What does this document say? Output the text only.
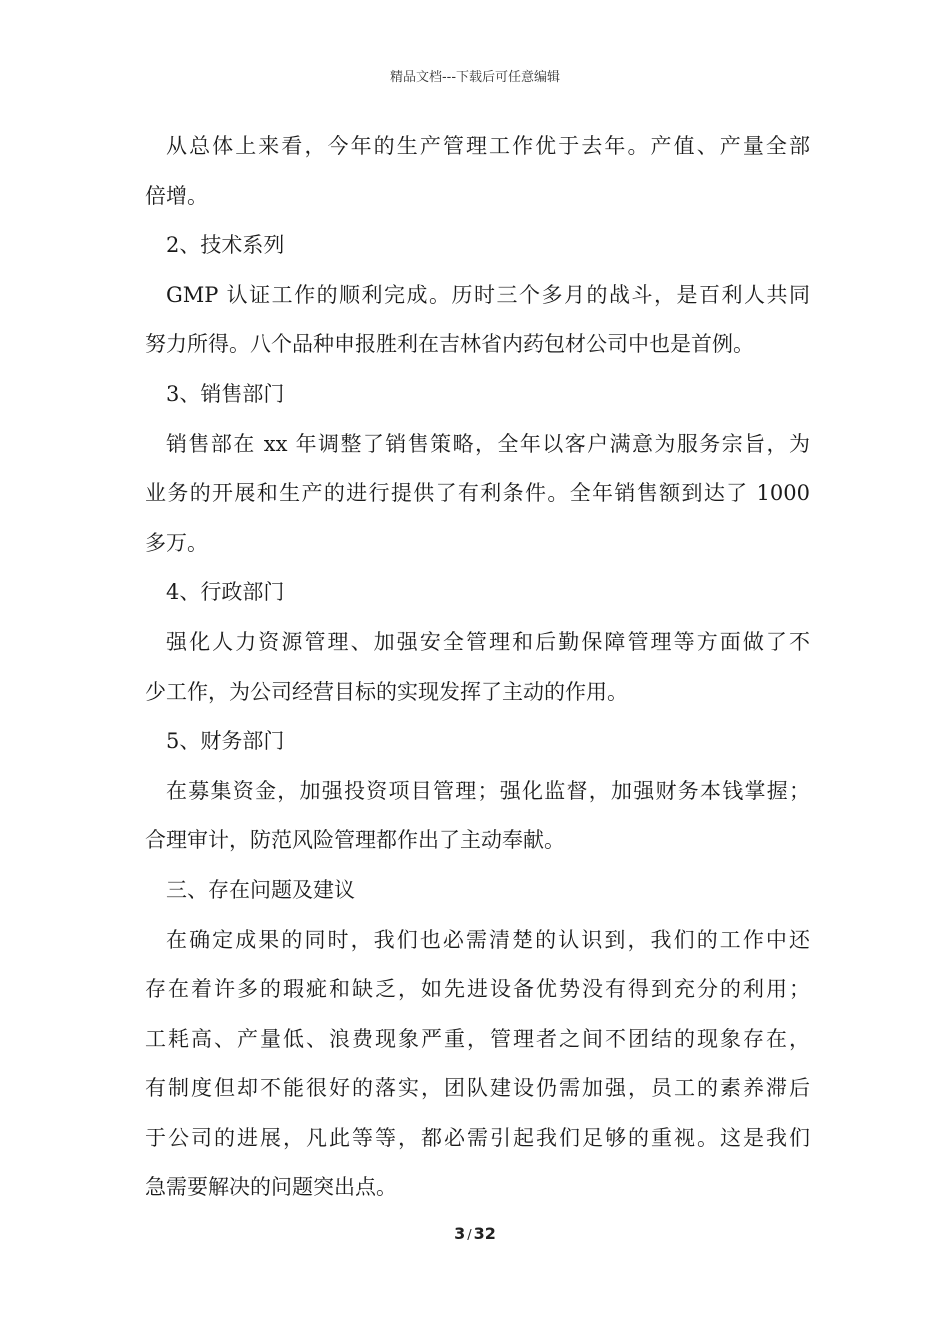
精品文档---下载后可任意编辑
从总体上来看，今年的生产管理工作优于去年。产值、产量全部
倍增。
2、技术系列
GMP 认证工作的顺利完成。历时三个多月的战斗，是百利人共同
努力所得。八个品种申报胜利在吉林省内药包材公司中也是首例。
3、销售部门
销售部在 xx 年调整了销售策略，全年以客户满意为服务宗旨，为
业务的开展和生产的进行提供了有利条件。全年销售额到达了 1000
多万。
4、行政部门
强化人力资源管理、加强安全管理和后勤保障管理等方面做了不
少工作，为公司经营目标的实现发挥了主动的作用。
5、财务部门
在募集资金，加强投资项目管理；强化监督，加强财务本钱掌握；
合理审计，防范风险管理都作出了主动奉献。
三、存在问题及建议
在确定成果的同时，我们也必需清楚的认识到，我们的工作中还
存在着许多的瑕疵和缺乏，如先进设备优势没有得到充分的利用；
工耗高、产量低、浪费现象严重，管理者之间不团结的现象存在，
有制度但却不能很好的落实，团队建设仍需加强，员工的素养滞后
于公司的进展，凡此等等，都必需引起我们足够的重视。这是我们
急需要解决的问题突出点。
3 / 32
